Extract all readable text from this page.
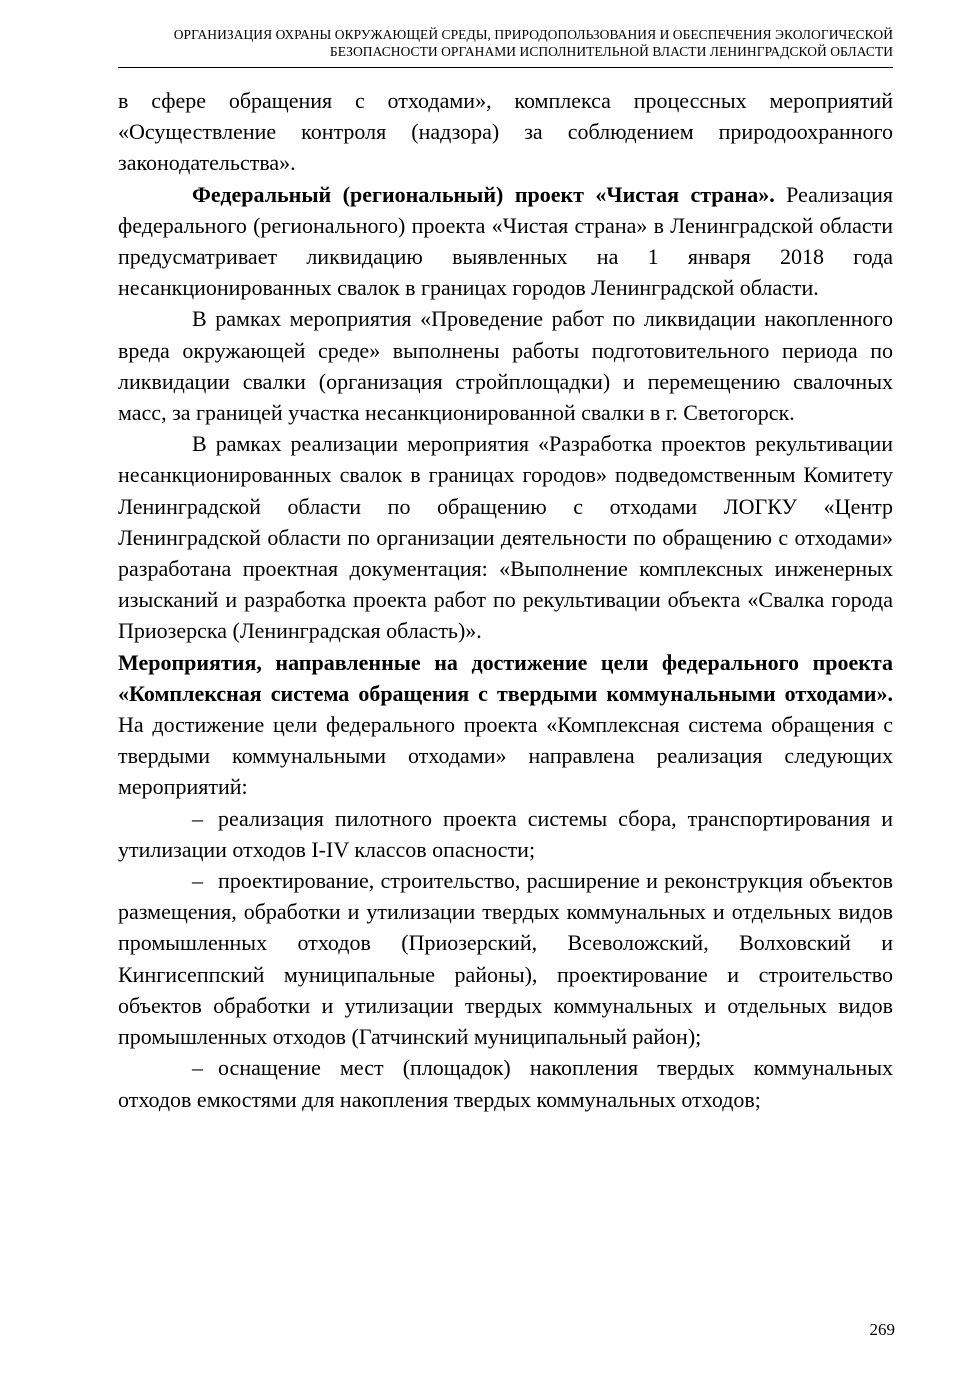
ОРГАНИЗАЦИЯ ОХРАНЫ ОКРУЖАЮЩЕЙ СРЕДЫ, ПРИРОДОПОЛЬЗОВАНИЯ И ОБЕСПЕЧЕНИЯ ЭКОЛОГИЧЕСКОЙ
БЕЗОПАСНОСТИ ОРГАНАМИ ИСПОЛНИТЕЛЬНОЙ ВЛАСТИ ЛЕНИНГРАДСКОЙ ОБЛАСТИ

в сфере обращения с отходами», комплекса процессных мероприятий «Осуществление контроля (надзора) за соблюдением природоохранного законодательства».

Федеральный (региональный) проект «Чистая страна». Реализация федерального (регионального) проекта «Чистая страна» в Ленинградской области предусматривает ликвидацию выявленных на 1 января 2018 года несанкционированных свалок в границах городов Ленинградской области.

В рамках мероприятия «Проведение работ по ликвидации накопленного вреда окружающей среде» выполнены работы подготовительного периода по ликвидации свалки (организация стройплощадки) и перемещению свалочных масс, за границей участка несанкционированной свалки в г. Светогорск.

В рамках реализации мероприятия «Разработка проектов рекультивации несанкционированных свалок в границах городов» подведомственным Комитету Ленинградской области по обращению с отходами ЛОГКУ «Центр Ленинградской области по организации деятельности по обращению с отходами» разработана проектная документация: «Выполнение комплексных инженерных изысканий и разработка проекта работ по рекультивации объекта «Свалка города Приозерска (Ленинградская область)».

Мероприятия, направленные на достижение цели федерального проекта «Комплексная система обращения с твердыми коммунальными отходами». На достижение цели федерального проекта «Комплексная система обращения с твердыми коммунальными отходами» направлена реализация следующих мероприятий:

– реализация пилотного проекта системы сбора, транспортирования и утилизации отходов I-IV классов опасности;

– проектирование, строительство, расширение и реконструкция объектов размещения, обработки и утилизации твердых коммунальных и отдельных видов промышленных отходов (Приозерский, Всеволожский, Волховский и Кингисеппский муниципальные районы), проектирование и строительство объектов обработки и утилизации твердых коммунальных и отдельных видов промышленных отходов (Гатчинский муниципальный район);

– оснащение мест (площадок) накопления твердых коммунальных отходов емкостями для накопления твердых коммунальных отходов;

269
